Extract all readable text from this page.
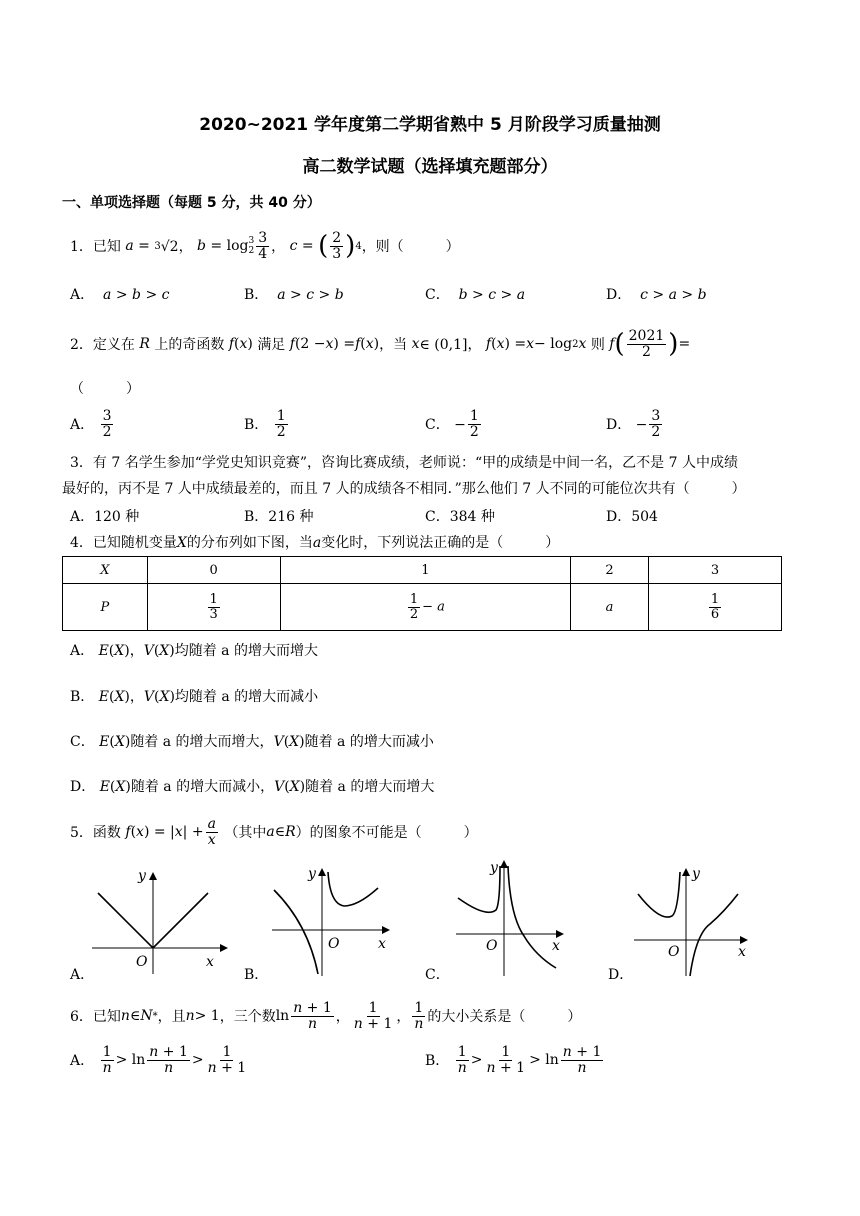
2020~2021 学年度第二学期省熟中 5 月阶段学习质量抽测
高二数学试题（选择填充题部分）
一、单项选择题（每题 5 分，共 40 分）
1．已知 a = 3 √2， b = log 3
$2 \frac{3}{4}$ ， c = ( $\frac{2}{3}$ ) 4 ，则（　　　）
A． a > b > c	B． a > c > b	C． b > c > a	D． c > a > b
2．定义在
R
上的奇函数
f ( x ) 满足
f (2 − x ) = f ( x ) ，当
x ∈ (0,1]， f ( x ) = x − log 2 x
则
f ( $\frac{2021}{2}$ ) =
（　　　）
A． $\frac{3}{2}$	B． $\frac{1}{2}$	C． − $\frac{1}{2}$	D． − $\frac{3}{2}$
3．有 7 名学生参加“学党史知识竞赛”，咨询比赛成绩，老师说：“甲的成绩是中间一名，乙不是 7 人中成绩
最好的，丙不是 7 人中成绩最差的，而且 7 人的成绩各不相同．”那么他们 7 人不同的可能位次共有（　　　）
A．120 种	B．216 种	C．384 种	D．504
4．已知随机变量X的分布列如下图，当a变化时，下列说法正确的是（　　　）
X	0	1	2	3
P	$\frac{1}{3}$	$\frac{1}{2} - a$	a	$\frac{1}{6}$
A． E(X)，V(X)均随着 a 的增大而增大
B． E(X)，V(X)均随着 a 的增大而减小
C． E(X)随着 a 的增大而增大，V(X)随着 a 的增大而减小
D． E(X)随着 a 的增大而减小，V(X)随着 a 的增大而增大
5．函数
f ( x ) = | x | + $\frac{a}{x}$
（其中 a ∈ R ）的图象不可能是（　　　）
y
O	x
A．
y
O	x
B．
y
O	x
C．
y
O	x
D．
6．已知 n ∈ N * ，且 n > 1 ，三个数 $\ln \frac{n + 1}{n}$ ， $\frac{1}{n + 1}$ ， $\frac{1}{n}$ 的大小关系是（　　　）
A．
$\frac{1}{n} > \ln \frac{n + 1}{n} > \frac{1}{n + 1}$	B．
$\frac{1}{n} > \frac{1}{n + 1} > \ln \frac{n + 1}{n}$
